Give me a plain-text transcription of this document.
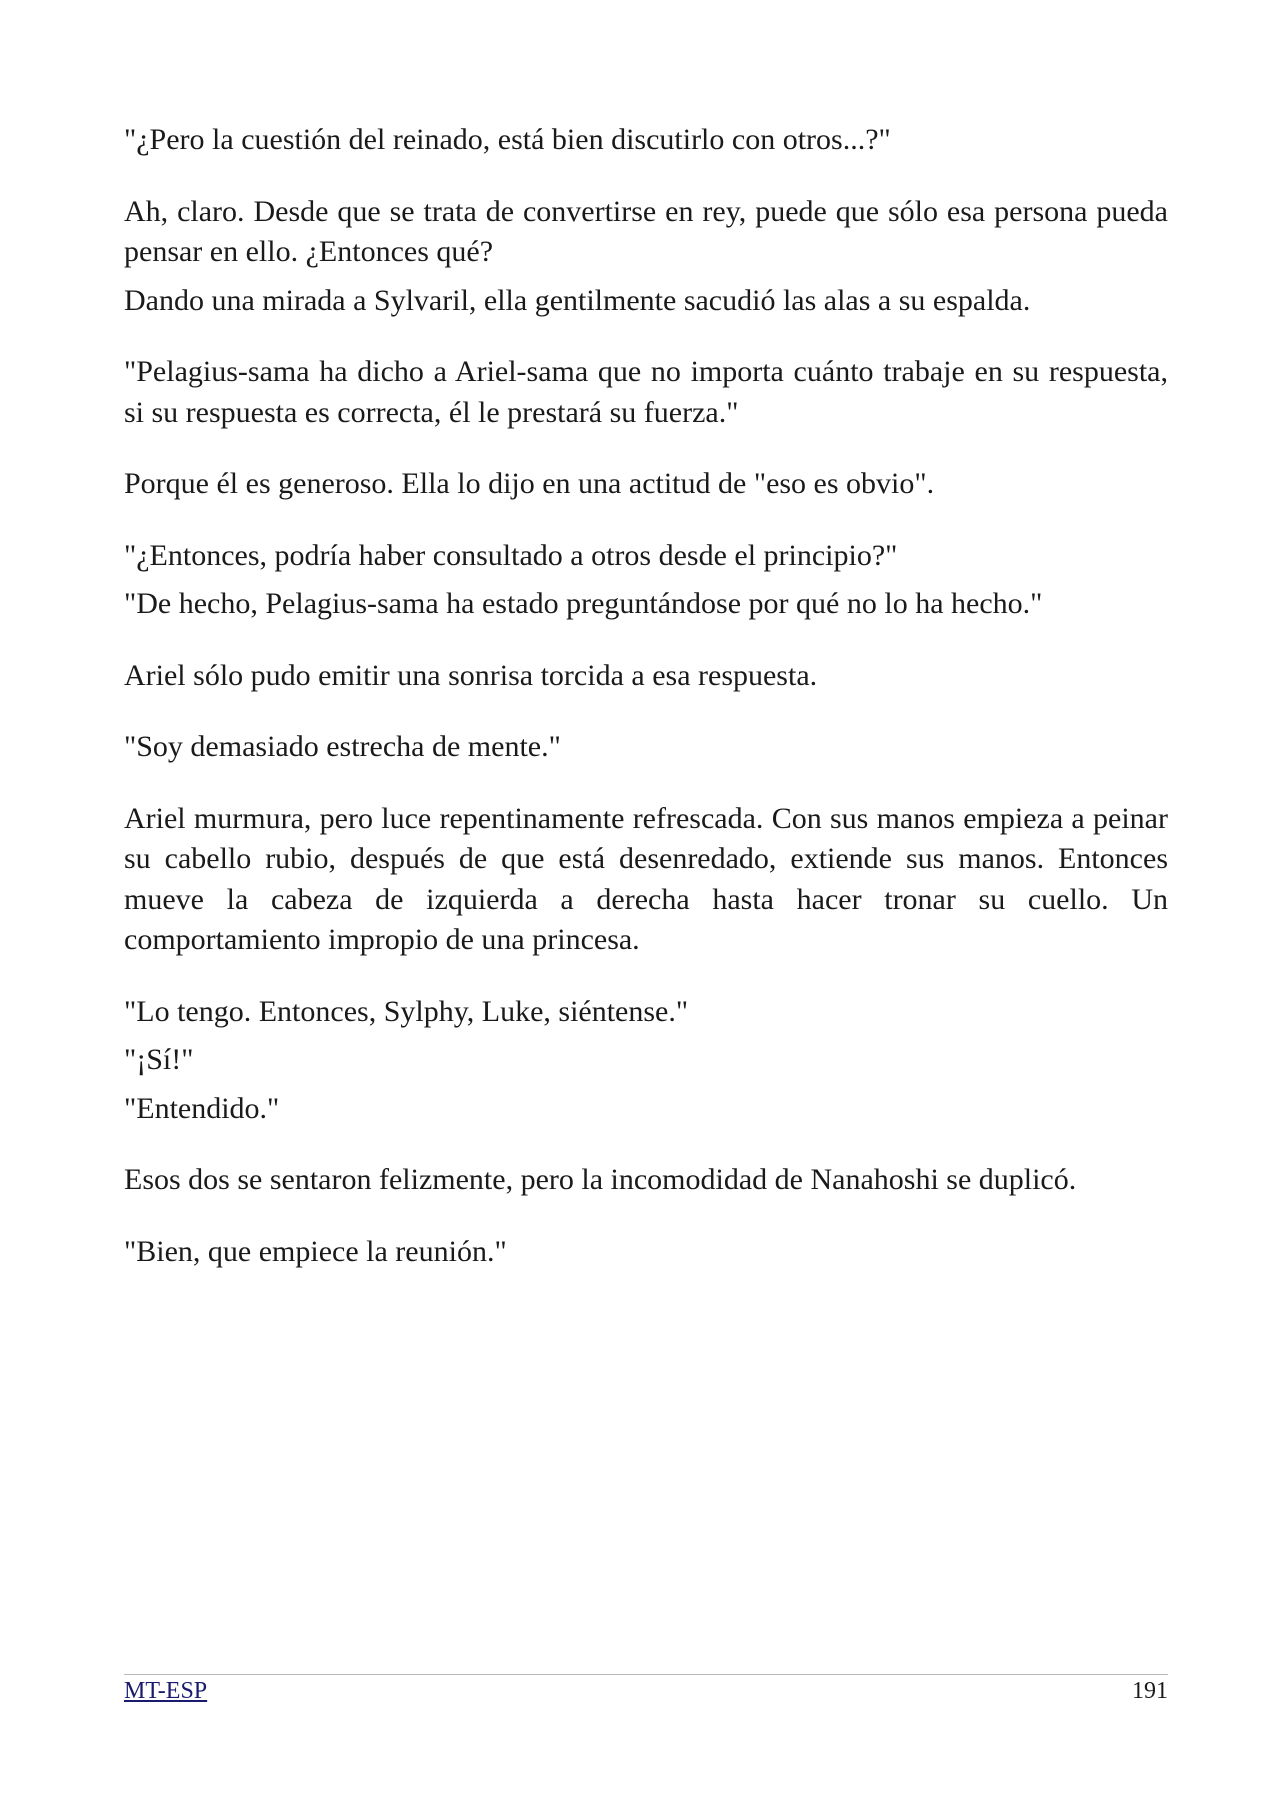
"¿Pero la cuestión del reinado, está bien discutirlo con otros...?"

Ah, claro. Desde que se trata de convertirse en rey, puede que sólo esa persona pueda pensar en ello. ¿Entonces qué?

Dando una mirada a Sylvaril, ella gentilmente sacudió las alas a su espalda.

"Pelagius-sama ha dicho a Ariel-sama que no importa cuánto trabaje en su respuesta, si su respuesta es correcta, él le prestará su fuerza."

Porque él es generoso. Ella lo dijo en una actitud de "eso es obvio".

"¿Entonces, podría haber consultado a otros desde el principio?"

"De hecho, Pelagius-sama ha estado preguntándose por qué no lo ha hecho."

Ariel sólo pudo emitir una sonrisa torcida a esa respuesta.

"Soy demasiado estrecha de mente."

Ariel murmura, pero luce repentinamente refrescada. Con sus manos empieza a peinar su cabello rubio, después de que está desenredado, extiende sus manos. Entonces mueve la cabeza de izquierda a derecha hasta hacer tronar su cuello. Un comportamiento impropio de una princesa.

"Lo tengo. Entonces, Sylphy, Luke, siéntense."

"¡Sí!"

"Entendido."

Esos dos se sentaron felizmente, pero la incomodidad de Nanahoshi se duplicó.

"Bien, que empiece la reunión."

MT-ESP	191
